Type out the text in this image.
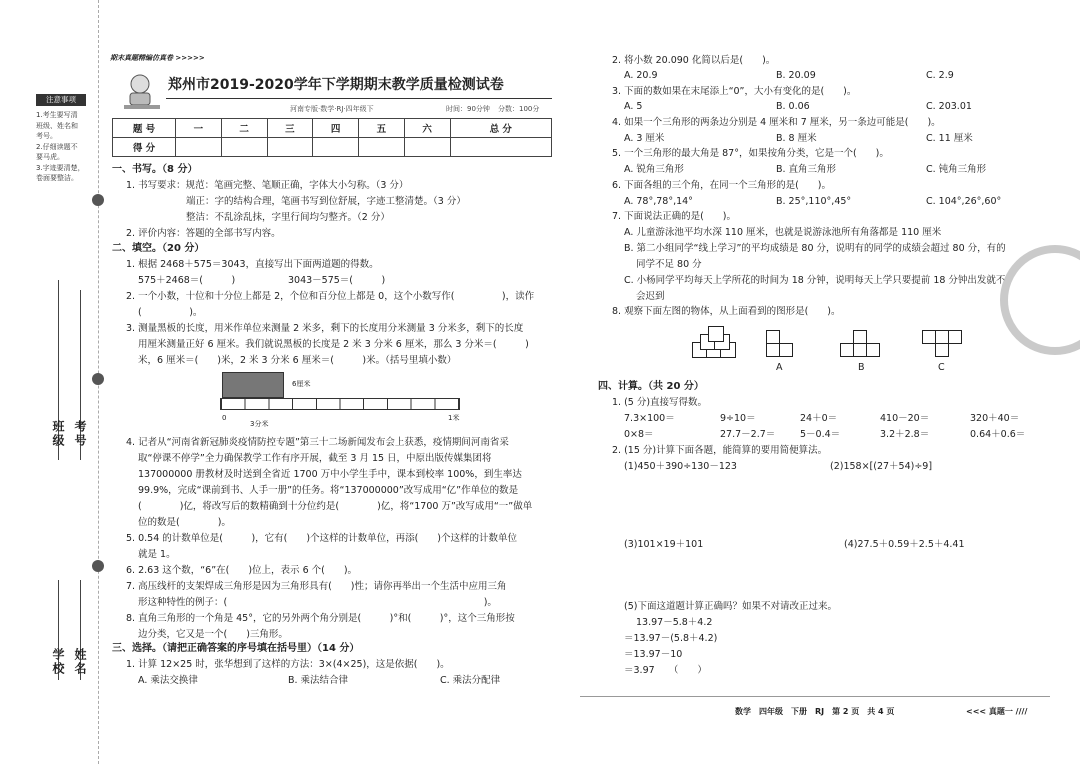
注意事项
1.考生要写清
班级、姓名和
考号。
2.仔细读题不
要马虎。
3.字迹要清楚，
卷面要整洁。
班级 考号
学校 姓名
期末真题精编仿真卷 >>>>>
郑州市2019-2020学年下学期期末教学质量检测试卷
河南专版·数学·RJ·四年级下	时间：90分钟 分数：100分
题 号	一	二	三	四	五	六	总 分
得 分							
一、书写。（8 分）
1. 书写要求：规范：笔画完整、笔顺正确，字体大小匀称。（3 分）
端正：字的结构合理，笔画书写到位舒展，字迹工整清楚。（3 分）
整洁：不乱涂乱抹，字里行间均匀整齐。（2 分）
2. 评价内容：答题的全部书写内容。
二、填空。（20 分）
1. 根据 2468＋575＝3043，直接写出下面两道题的得数。
575＋2468＝(　　　)	3043－575＝(　　　)
2. 一个小数，十位和十分位上都是 2，个位和百分位上都是 0，这个小数写作(　　　　　)，读作
(　　　　　)。
3. 测量黑板的长度，用米作单位来测量 2 米多，剩下的长度用分米测量 3 分米多，剩下的长度
用厘米测量正好 6 厘米。我们就说黑板的长度是 2 米 3 分米 6 厘米，那么 3 分米＝(　　　)
米，6 厘米＝(　　)米，2 米 3 分米 6 厘米＝(　　　)米。（括号里填小数）
6厘米
0
3分米
1米
4. 记者从“河南省新冠肺炎疫情防控专题”第三十二场新闻发布会上获悉，疫情期间河南省采
取“停课不停学”全力确保教学工作有序开展，截至 3 月 15 日，中原出版传媒集团将
137000000 册教材及时送到全省近 1700 万中小学生手中，课本到校率 100%，到生率达
99.9%，完成“课前到书、人手一册”的任务。将“137000000”改写成用“亿”作单位的数是
(　　　　)亿，将改写后的数精确到十分位约是(　　　　)亿，将“1700 万”改写成用“一”做单
位的数是(　　　　)。
5. 0.54 的计数单位是(　　　)，它有(　　)个这样的计数单位，再添(　　)个这样的计数单位
就是 1。
6. 2.63 这个数，“6”在(　　)位上，表示 6 个(　　)。
7. 高压线杆的支架焊成三角形是因为三角形具有(　　)性；请你再举出一个生活中应用三角
形这种特性的例子：(　　　　　　　　　　　　　　　　　　　　　　　　　　　)。
8. 直角三角形的一个角是 45°，它的另外两个角分别是(　　　)°和(　　　)°，这个三角形按
边分类，它又是一个(　　)三角形。
三、选择。（请把正确答案的序号填在括号里）（14 分）
1. 计算 12×25 时，张华想到了这样的方法：3×(4×25)，这是依据(　　)。
A. 乘法交换律	B. 乘法结合律	C. 乘法分配律
2. 将小数 20.090 化简以后是(　　)。
A. 20.9	B. 20.09	C. 2.9
3. 下面的数如果在末尾添上“0”，大小有变化的是(　　)。
A. 5	B. 0.06	C. 203.01
4. 如果一个三角形的两条边分别是 4 厘米和 7 厘米，另一条边可能是(　　)。
A. 3 厘米	B. 8 厘米	C. 11 厘米
5. 一个三角形的最大角是 87°，如果按角分类，它是一个(　　)。
A. 锐角三角形	B. 直角三角形	C. 钝角三角形
6. 下面各组的三个角，在同一个三角形的是(　　)。
A. 78°,78°,14°	B. 25°,110°,45°	C. 104°,26°,60°
7. 下面说法正确的是(　　)。
A. 儿童游泳池平均水深 110 厘米，也就是说游泳池所有角落都是 110 厘米
B. 第二小组同学“线上学习”的平均成绩是 80 分，说明有的同学的成绩会超过 80 分，有的
同学不足 80 分
C. 小杨同学平均每天上学所花的时间为 18 分钟，说明每天上学只要提前 18 分钟出发就不
会迟到
8. 观察下面左图的物体，从上面看到的图形是(　　)。
A	B	C
四、计算。（共 20 分）
1. (5 分)直接写得数。
7.3×100＝	9÷10＝	24＋0＝	410－20＝	320＋40＝
0×8＝	27.7－2.7＝	5－0.4＝	3.2＋2.8＝	0.64＋0.6＝
2. (15 分)计算下面各题，能简算的要用简便算法。
(1)450＋390÷130－123	(2)158×[(27＋54)÷9]
(3)101×19＋101	(4)27.5＋0.59＋2.5＋4.41
(5)下面这道题计算正确吗？如果不对请改正过来。
13.97－5.8＋4.2
＝13.97－(5.8＋4.2)
＝13.97－10
＝3.97　　（　　）
数学　四年级　下册　RJ　第 2 页　共 4 页	<<< 真题一 ////
